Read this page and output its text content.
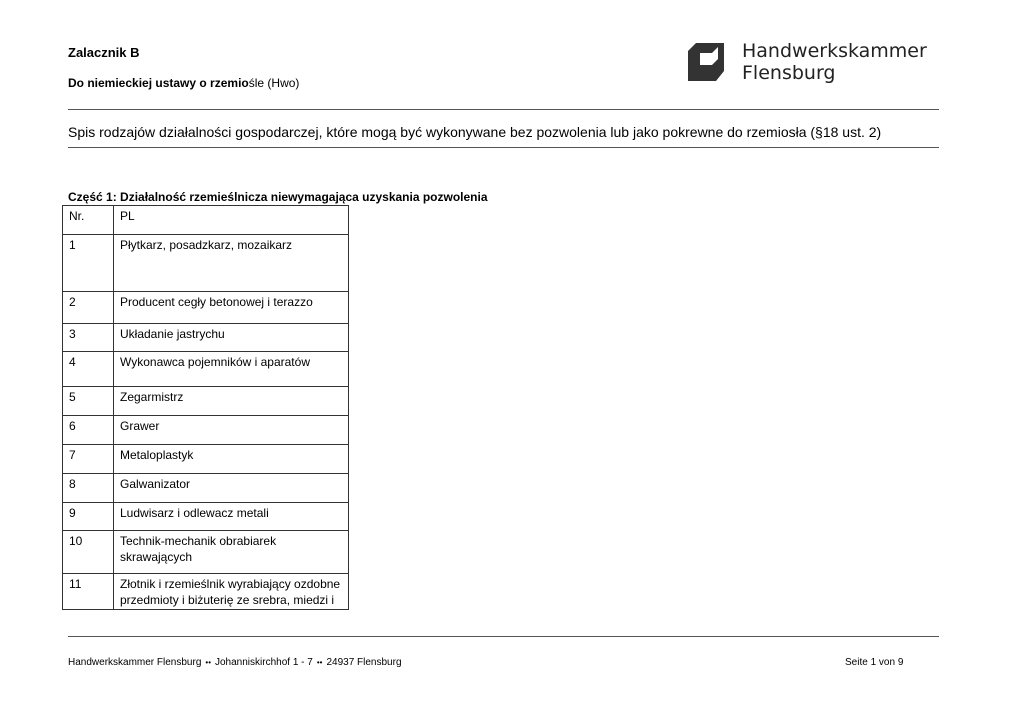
Zalacznik B
Do niemieckiej ustawy o rzemiośle (Hwo)
Handwerkskammer
Flensburg
Spis rodzajów działalności gospodarczej, które mogą być wykonywane bez pozwolenia lub jako pokrewne do rzemiosła (§18 ust. 2)
Część 1: Działalność rzemieślnicza niewymagająca uzyskania pozwolenia
Nr.	PL
1	Płytkarz, posadzkarz, mozaikarz
2	Producent cegły betonowej i terazzo
3	Układanie jastrychu
4	Wykonawca pojemników i aparatów
5	Zegarmistrz
6	Grawer
7	Metaloplastyk
8	Galwanizator
9	Ludwisarz i odlewacz metali
10	Technik-mechanik obrabiarek skrawających
11	Złotnik i rzemieślnik wyrabiający ozdobne przedmioty i biżuterię ze srebra, miedzi i
Handwerkskammer Flensburg •• Johanniskirchhof 1 - 7 •• 24937 Flensburg	Seite 1 von 9
